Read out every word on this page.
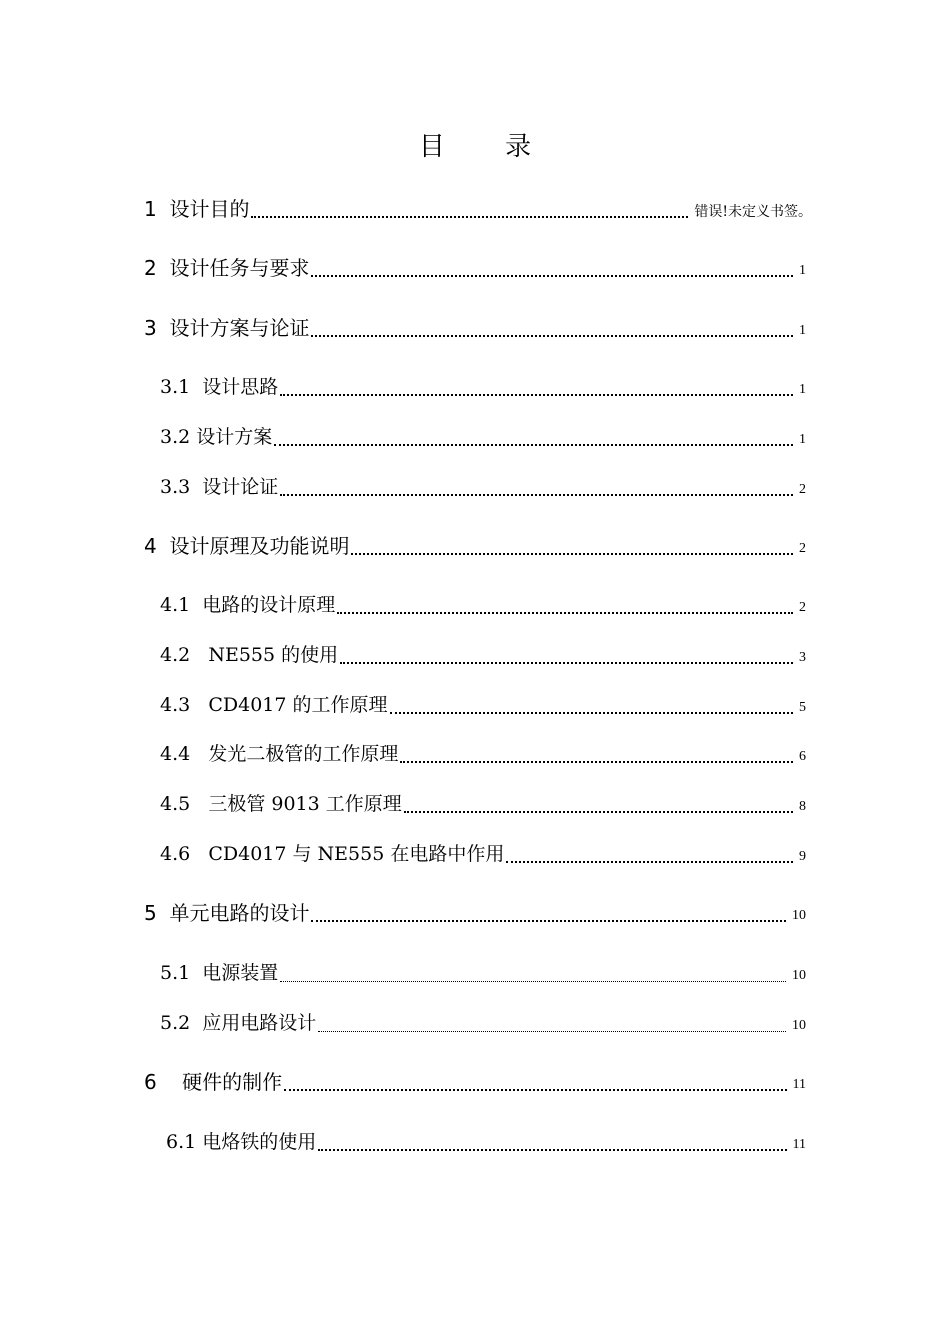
目 录
1  设计目的	错误!未定义书签。
2  设计任务与要求	1
3  设计方案与论证	1
3.1  设计思路	1
3.2 设计方案	1
3.3  设计论证	2
4  设计原理及功能说明	2
4.1  电路的设计原理	2
4.2   NE555 的使用	3
4.3   CD4017 的工作原理	5
4.4   发光二极管的工作原理	6
4.5   三极管 9013 工作原理	8
4.6   CD4017 与 NE555 在电路中作用	9
5  单元电路的设计	10
5.1  电源装置	10
5.2  应用电路设计	10
6    硬件的制作	11
6.1 电烙铁的使用	11
